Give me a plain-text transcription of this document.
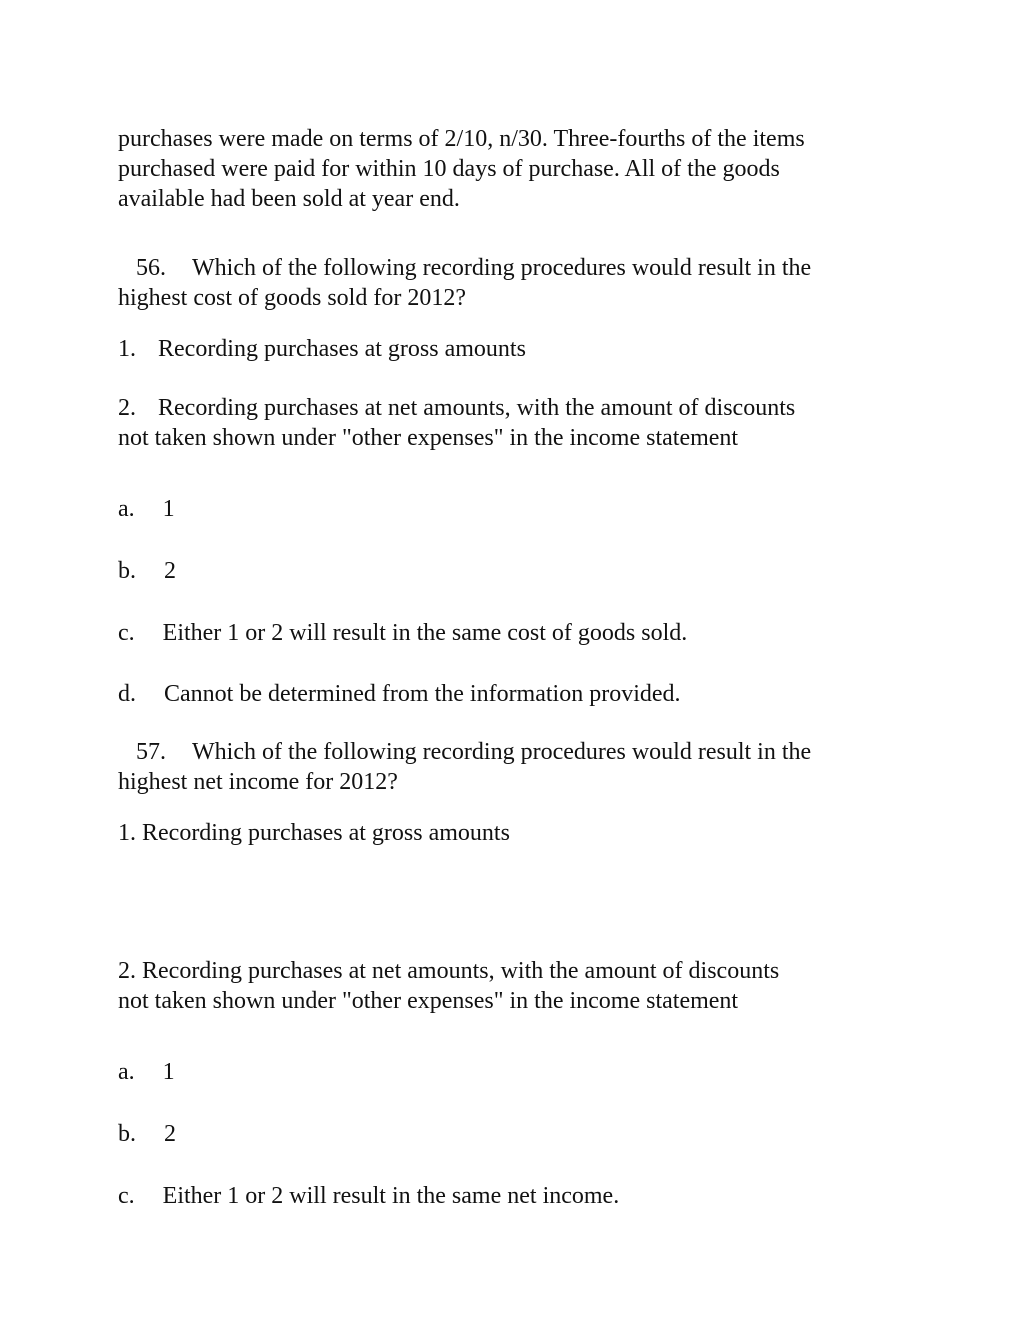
purchases were made on terms of 2/10, n/30. Three-fourths of the items
purchased were paid for within 10 days of purchase. All of the goods
available had been sold at year end.
56. Which of the following recording procedures would result in the
highest cost of goods sold for 2012?
1. Recording purchases at gross amounts
2. Recording purchases at net amounts, with the amount of discounts
not taken shown under "other expenses" in the income statement
a. 1
b. 2
c. Either 1 or 2 will result in the same cost of goods sold.
d. Cannot be determined from the information provided.
57. Which of the following recording procedures would result in the
highest net income for 2012?
1. Recording purchases at gross amounts
2. Recording purchases at net amounts, with the amount of discounts
not taken shown under "other expenses" in the income statement
a. 1
b. 2
c. Either 1 or 2 will result in the same net income.
